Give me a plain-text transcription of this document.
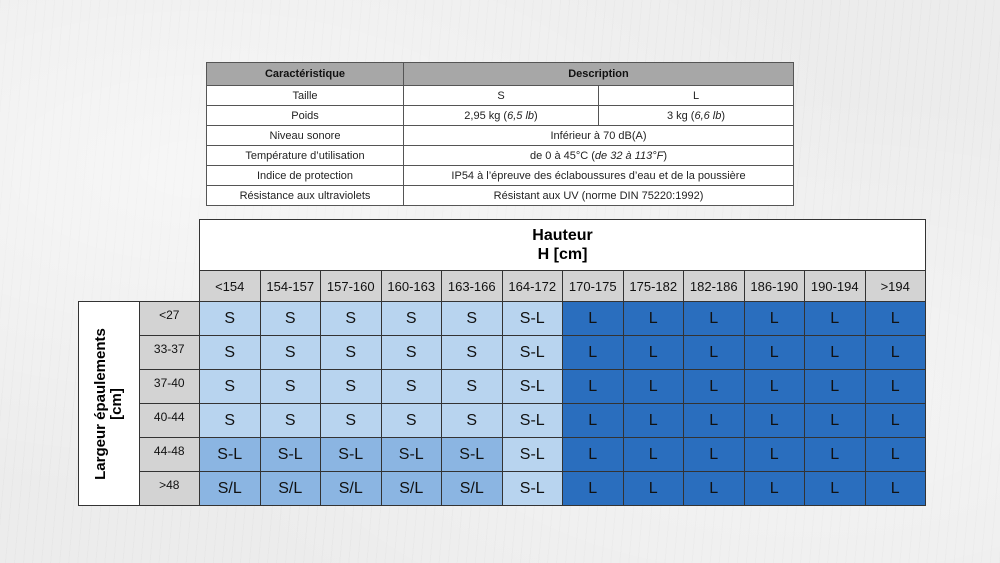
Caractéristique	Description	
Taille	S	L
Poids	2,95 kg (6,5 lb)	3 kg (6,6 lb)
Niveau sonore	Inférieur à 70 dB(A)	
Température d’utilisation	de 0 à 45°C (de 32 à 113°F)	
Indice de protection	IP54 à l’épreuve des éclaboussures d’eau et de la poussière	
Résistance aux ultraviolets	Résistant aux UV (norme DIN 75220:1992)	

		Hauteur
H [cm]											

		<154	154-157	157-160	160-163	163-166	164-172	170-175	175-182	182-186	186-190	190-194	>194

Largeur épaulements [cm]	<27	S	S	S	S	S	S-L	L	L	L	L	L	L
	33-37	S	S	S	S	S	S-L	L	L	L	L	L	L
	37-40	S	S	S	S	S	S-L	L	L	L	L	L	L
	40-44	S	S	S	S	S	S-L	L	L	L	L	L	L
	44-48	S-L	S-L	S-L	S-L	S-L	S-L	L	L	L	L	L	L
	>48	S/L	S/L	S/L	S/L	S/L	S-L	L	L	L	L	L	L
